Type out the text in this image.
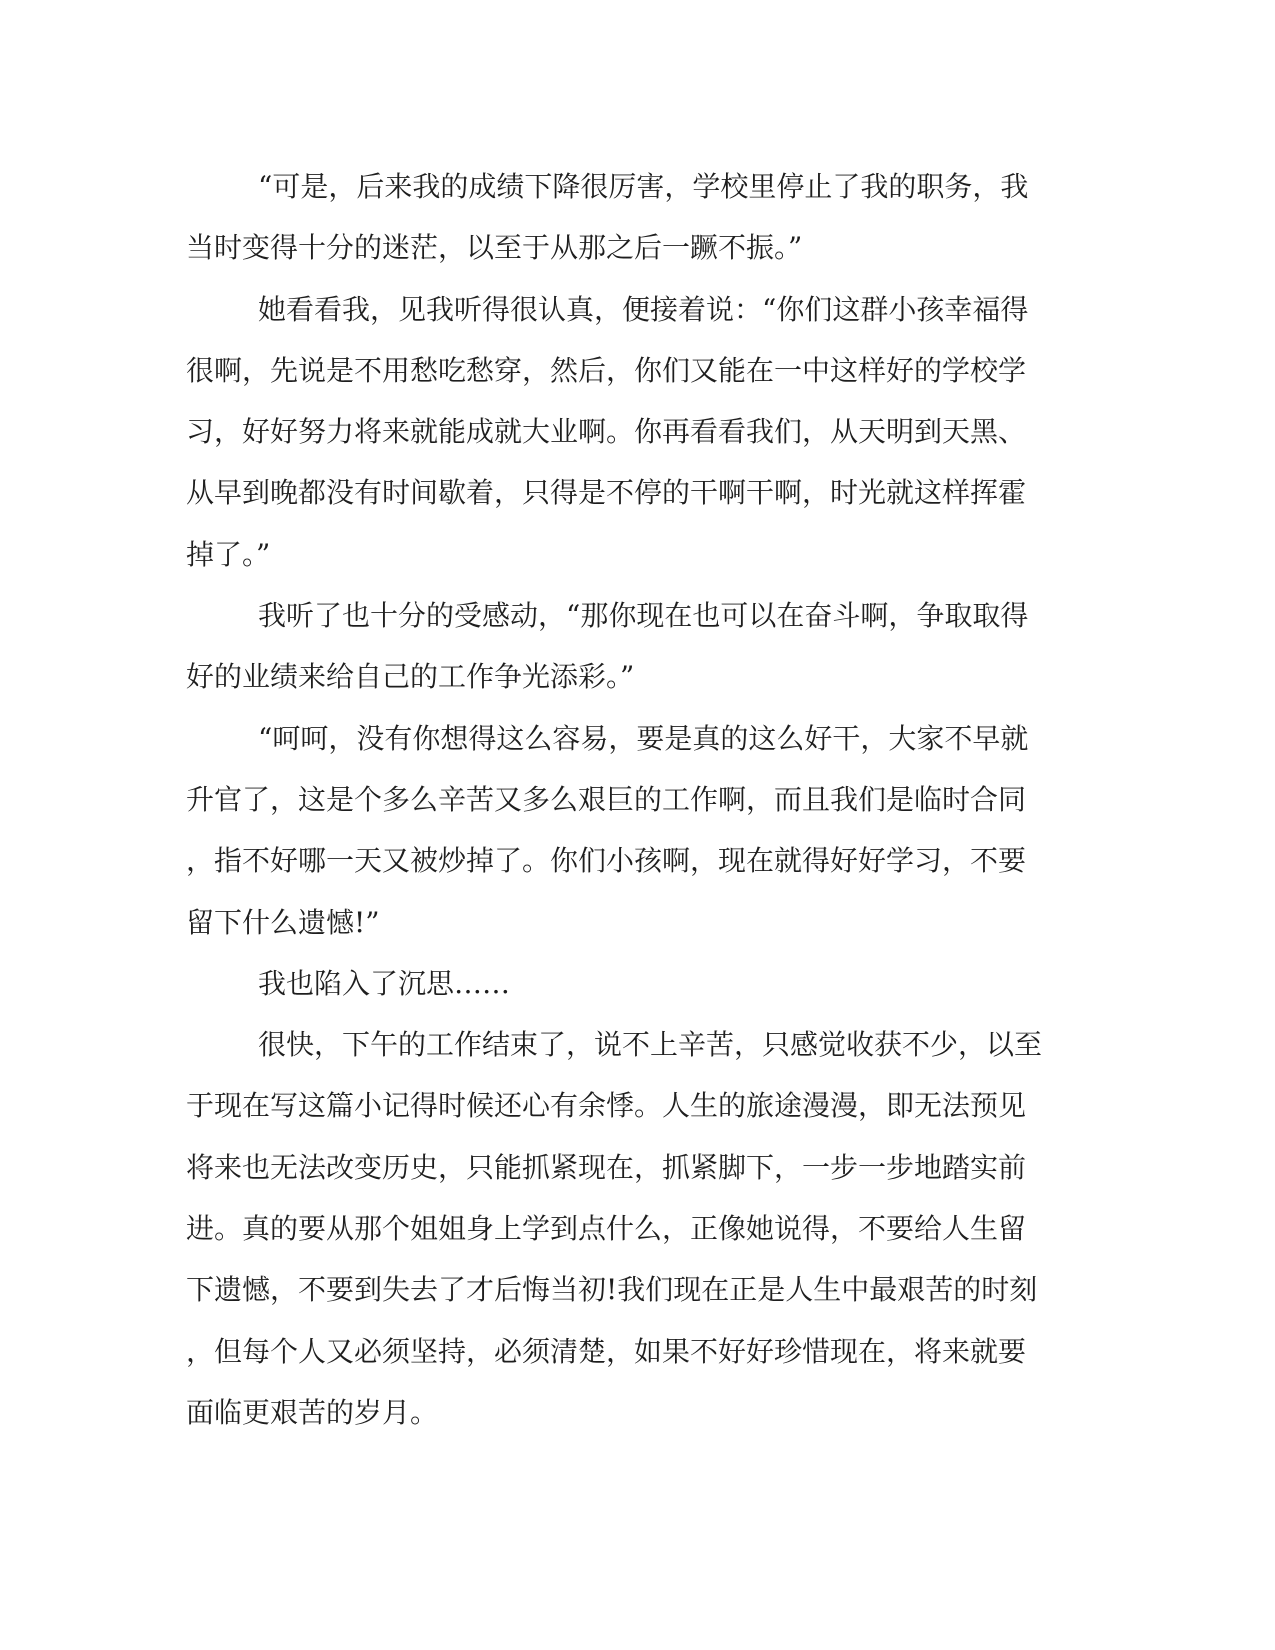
“可是，后来我的成绩下降很厉害，学校里停止了我的职务，我
当时变得十分的迷茫，以至于从那之后一蹶不振。”
她看看我，见我听得很认真，便接着说：“你们这群小孩幸福得
很啊，先说是不用愁吃愁穿，然后，你们又能在一中这样好的学校学
习，好好努力将来就能成就大业啊。你再看看我们，从天明到天黑、
从早到晚都没有时间歇着，只得是不停的干啊干啊，时光就这样挥霍
掉了。”
我听了也十分的受感动，“那你现在也可以在奋斗啊，争取取得
好的业绩来给自己的工作争光添彩。”
“呵呵，没有你想得这么容易，要是真的这么好干，大家不早就
升官了，这是个多么辛苦又多么艰巨的工作啊，而且我们是临时合同
，指不好哪一天又被炒掉了。你们小孩啊，现在就得好好学习，不要
留下什么遗憾!”
我也陷入了沉思……
很快，下午的工作结束了，说不上辛苦，只感觉收获不少，以至
于现在写这篇小记得时候还心有余悸。人生的旅途漫漫，即无法预见
将来也无法改变历史，只能抓紧现在，抓紧脚下，一步一步地踏实前
进。真的要从那个姐姐身上学到点什么，正像她说得，不要给人生留
下遗憾，不要到失去了才后悔当初!我们现在正是人生中最艰苦的时刻
，但每个人又必须坚持，必须清楚，如果不好好珍惜现在，将来就要
面临更艰苦的岁月。
